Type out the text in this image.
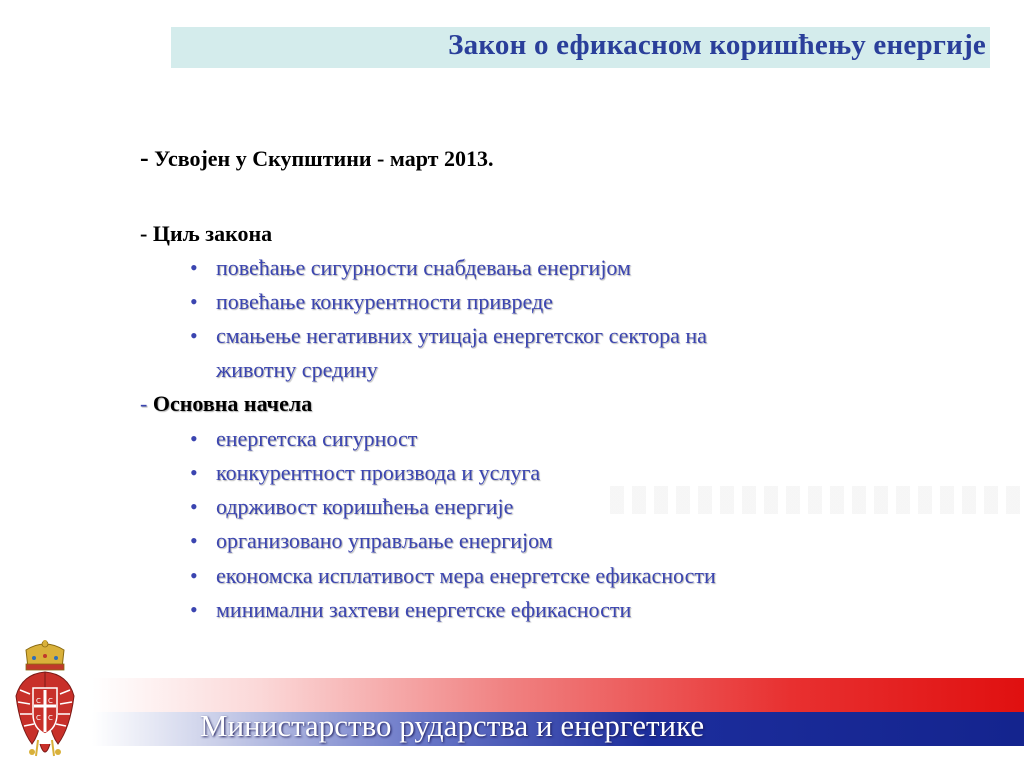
Закон о ефикасном коришћењу енергије
- Усвојен у Скупштини - март 2013.
- Циљ закона
• повећање сигурности снабдевања енергијом
• повећање конкурентности привреде
• смањење негативних утицаја енергетског сектора на
животну средину
- Основна начела
• енергетска сигурност
• конкурентност производа и услуга
• одрживост коришћења енергије
• организовано управљање енергијом
• економска исплативост мера енергетске ефикасности
• минимални захтеви енергетске ефикасности
Министарство рударства и енергетике
С С
С С
